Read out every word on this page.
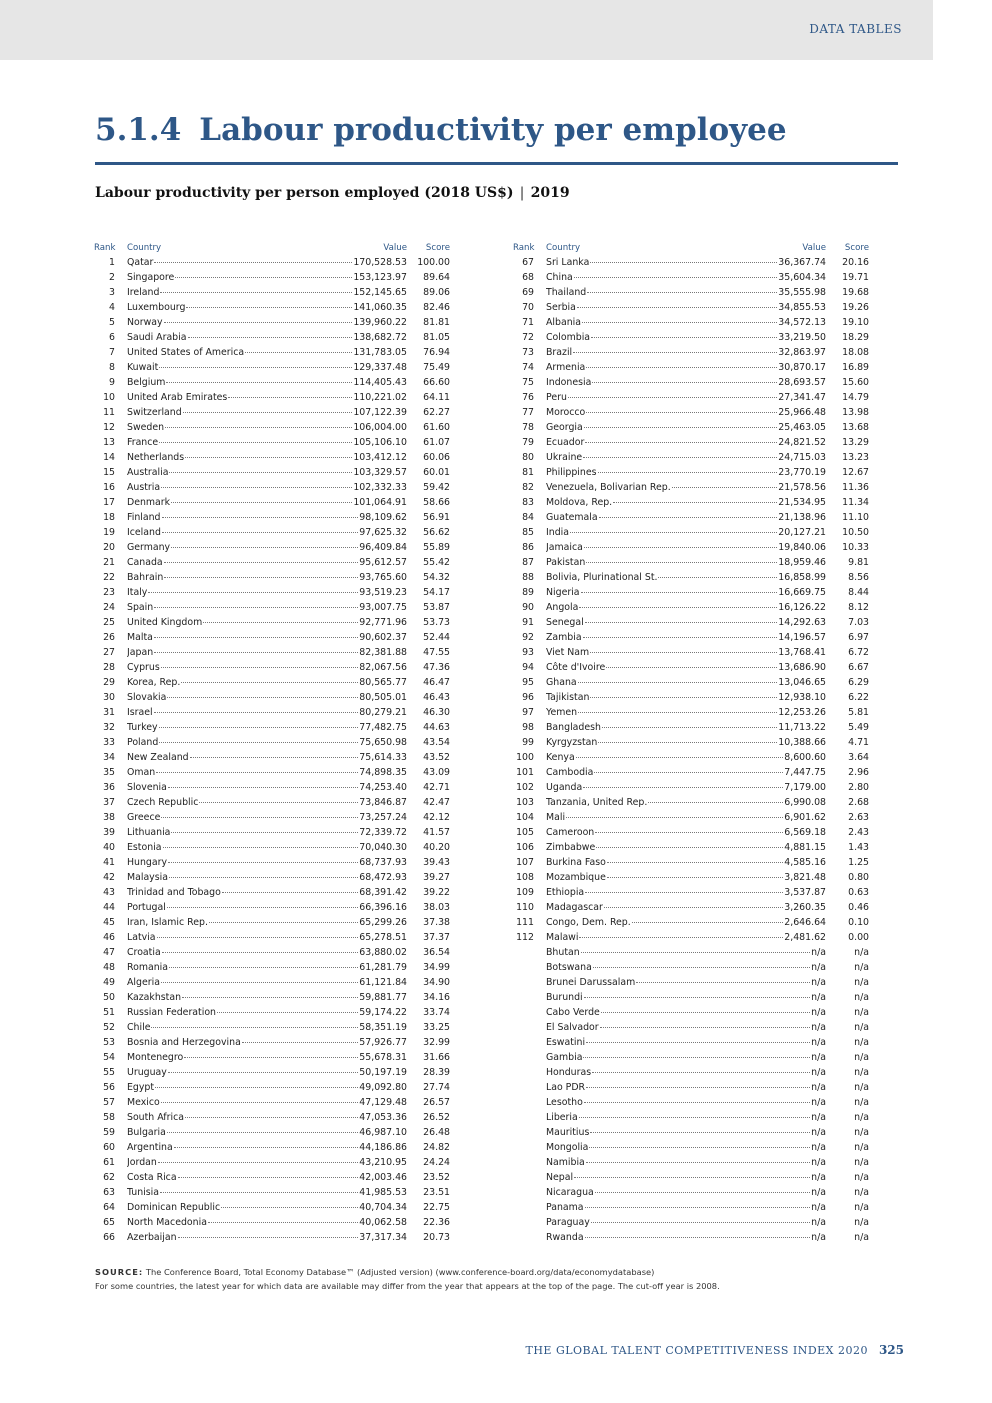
DATA TABLES
5.1.4 Labour productivity per employee
Labour productivity per person employed (2018 US$) | 2019
Rank Country	Value	Score
1 Qatar	170,528.53	100.00
2 Singapore	153,123.97	89.64
3 Ireland	152,145.65	89.06
4 Luxembourg	141,060.35	82.46
5 Norway	139,960.22	81.81
6 Saudi Arabia	138,682.72	81.05
7 United States of America	131,783.05	76.94
8 Kuwait	129,337.48	75.49
9 Belgium	114,405.43	66.60
10 United Arab Emirates	110,221.02	64.11
11 Switzerland	107,122.39	62.27
12 Sweden	106,004.00	61.60
13 France	105,106.10	61.07
14 Netherlands	103,412.12	60.06
15 Australia	103,329.57	60.01
16 Austria	102,332.33	59.42
17 Denmark	101,064.91	58.66
18 Finland	98,109.62	56.91
19 Iceland	97,625.32	56.62
20 Germany	96,409.84	55.89
21 Canada	95,612.57	55.42
22 Bahrain	93,765.60	54.32
23 Italy	93,519.23	54.17
24 Spain	93,007.75	53.87
25 United Kingdom	92,771.96	53.73
26 Malta	90,602.37	52.44
27 Japan	82,381.88	47.55
28 Cyprus	82,067.56	47.36
29 Korea, Rep.	80,565.77	46.47
30 Slovakia	80,505.01	46.43
31 Israel	80,279.21	46.30
32 Turkey	77,482.75	44.63
33 Poland	75,650.98	43.54
34 New Zealand	75,614.33	43.52
35 Oman	74,898.35	43.09
36 Slovenia	74,253.40	42.71
37 Czech Republic	73,846.87	42.47
38 Greece	73,257.24	42.12
39 Lithuania	72,339.72	41.57
40 Estonia	70,040.30	40.20
41 Hungary	68,737.93	39.43
42 Malaysia	68,472.93	39.27
43 Trinidad and Tobago	68,391.42	39.22
44 Portugal	66,396.16	38.03
45 Iran, Islamic Rep.	65,299.26	37.38
46 Latvia	65,278.51	37.37
47 Croatia	63,880.02	36.54
48 Romania	61,281.79	34.99
49 Algeria	61,121.84	34.90
50 Kazakhstan	59,881.77	34.16
51 Russian Federation	59,174.22	33.74
52 Chile	58,351.19	33.25
53 Bosnia and Herzegovina	57,926.77	32.99
54 Montenegro	55,678.31	31.66
55 Uruguay	50,197.19	28.39
56 Egypt	49,092.80	27.74
57 Mexico	47,129.48	26.57
58 South Africa	47,053.36	26.52
59 Bulgaria	46,987.10	26.48
60 Argentina	44,186.86	24.82
61 Jordan	43,210.95	24.24
62 Costa Rica	42,003.46	23.52
63 Tunisia	41,985.53	23.51
64 Dominican Republic	40,704.34	22.75
65 North Macedonia	40,062.58	22.36
66 Azerbaijan	37,317.34	20.73
Rank Country	Value	Score
67 Sri Lanka	36,367.74	20.16
68 China	35,604.34	19.71
69 Thailand	35,555.98	19.68
70 Serbia	34,855.53	19.26
71 Albania	34,572.13	19.10
72 Colombia	33,219.50	18.29
73 Brazil	32,863.97	18.08
74 Armenia	30,870.17	16.89
75 Indonesia	28,693.57	15.60
76 Peru	27,341.47	14.79
77 Morocco	25,966.48	13.98
78 Georgia	25,463.05	13.68
79 Ecuador	24,821.52	13.29
80 Ukraine	24,715.03	13.23
81 Philippines	23,770.19	12.67
82 Venezuela, Bolivarian Rep.	21,578.56	11.36
83 Moldova, Rep.	21,534.95	11.34
84 Guatemala	21,138.96	11.10
85 India	20,127.21	10.50
86 Jamaica	19,840.06	10.33
87 Pakistan	18,959.46	9.81
88 Bolivia, Plurinational St.	16,858.99	8.56
89 Nigeria	16,669.75	8.44
90 Angola	16,126.22	8.12
91 Senegal	14,292.63	7.03
92 Zambia	14,196.57	6.97
93 Viet Nam	13,768.41	6.72
94 Côte d'Ivoire	13,686.90	6.67
95 Ghana	13,046.65	6.29
96 Tajikistan	12,938.10	6.22
97 Yemen	12,253.26	5.81
98 Bangladesh	11,713.22	5.49
99 Kyrgyzstan	10,388.66	4.71
100 Kenya	8,600.60	3.64
101 Cambodia	7,447.75	2.96
102 Uganda	7,179.00	2.80
103 Tanzania, United Rep.	6,990.08	2.68
104 Mali	6,901.62	2.63
105 Cameroon	6,569.18	2.43
106 Zimbabwe	4,881.15	1.43
107 Burkina Faso	4,585.16	1.25
108 Mozambique	3,821.48	0.80
109 Ethiopia	3,537.87	0.63
110 Madagascar	3,260.35	0.46
111 Congo, Dem. Rep.	2,646.64	0.10
112 Malawi	2,481.62	0.00
Bhutan	n/a	n/a
Botswana	n/a	n/a
Brunei Darussalam	n/a	n/a
Burundi	n/a	n/a
Cabo Verde	n/a	n/a
El Salvador	n/a	n/a
Eswatini	n/a	n/a
Gambia	n/a	n/a
Honduras	n/a	n/a
Lao PDR	n/a	n/a
Lesotho	n/a	n/a
Liberia	n/a	n/a
Mauritius	n/a	n/a
Mongolia	n/a	n/a
Namibia	n/a	n/a
Nepal	n/a	n/a
Nicaragua	n/a	n/a
Panama	n/a	n/a
Paraguay	n/a	n/a
Rwanda	n/a	n/a
SOURCE: The Conference Board, Total Economy Database™ (Adjusted version) (www.conference-board.org/data/economydatabase)
For some countries, the latest year for which data are available may differ from the year that appears at the top of the page. The cut-off year is 2008.
THE GLOBAL TALENT COMPETITIVENESS INDEX 2020 325
